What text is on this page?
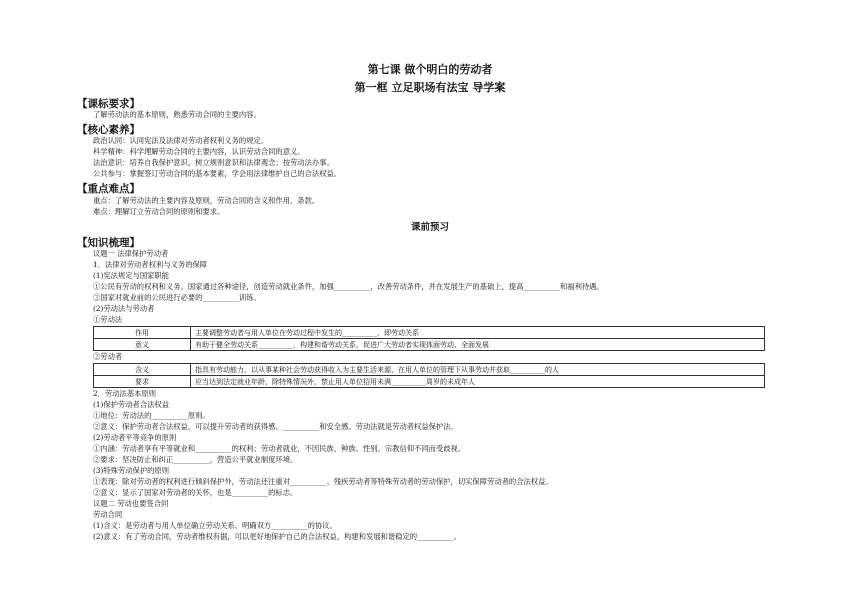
第七课 做个明白的劳动者
第一框 立足职场有法宝 导学案
【课标要求】
了解劳动法的基本原则，熟悉劳动合同的主要内容。
【核心素养】
政治认同：认同宪法及法律对劳动者权利义务的规定。
科学精神：科学理解劳动合同的主要内容，认识劳动合同的意义。
法治意识：培养自我保护意识，树立规则意识和法律观念；按劳动法办事。
公共参与：掌握签订劳动合同的基本要素，学会用法律维护自己的合法权益。
【重点难点】
重点：了解劳动法的主要内容及原则，劳动合同的含义和作用、条款。
难点：理解订立劳动合同的原则和要求。
课前预习
【知识梳理】
议题一 法律保护劳动者
1．法律对劳动者权利与义务的保障
(1)宪法规定与国家职能
①公民有劳动的权利和义务。国家通过各种途径，创造劳动就业条件，加强__________，改善劳动条件，并在发展生产的基础上，提高__________和福利待遇。
②国家对就业前的公民进行必要的__________训练。
(2)劳动法与劳动者
①劳动法
作用	主要调整劳动者与用人单位在劳动过程中发生的__________，即劳动关系
意义	有助于健全劳动关系__________，构建和谐劳动关系，促进广大劳动者实现体面劳动、全面发展
②劳动者
含义	指具有劳动能力、以从事某种社会劳动获得收入为主要生活来源、在用人单位的管理下从事劳动并获取__________的人
要求	应当达到法定就业年龄，除特殊情况外，禁止用人单位招用未满__________周岁的未成年人
2．劳动法基本原则
(1)保护劳动者合法权益
①地位：劳动法的__________原则。
②意义：保护劳动者合法权益，可以提升劳动者的获得感、__________和安全感。劳动法就是劳动者权益保护法。
(2)劳动者平等竞争的原则
①内涵：劳动者享有平等就业和__________的权利；劳动者就业，不因民族、种族、性别、宗教信仰不同而受歧视。
②要求：坚决防止和纠正__________，营造公平就业制度环境。
(3)特殊劳动保护的原则
①表现：除对劳动者的权利进行倾斜保护外，劳动法还注重对__________、残疾劳动者等特殊劳动者的劳动保护，切实保障劳动者的合法权益。
②意义：显示了国家对劳动者的关怀，也是__________的标志。
议题二 劳动也要签合同
劳动合同
(1)含义：是劳动者与用人单位确立劳动关系、明确双方__________的协议。
(2)意义：有了劳动合同，劳动者维权有据，可以更好地保护自己的合法权益，构建和发展和谐稳定的__________。
